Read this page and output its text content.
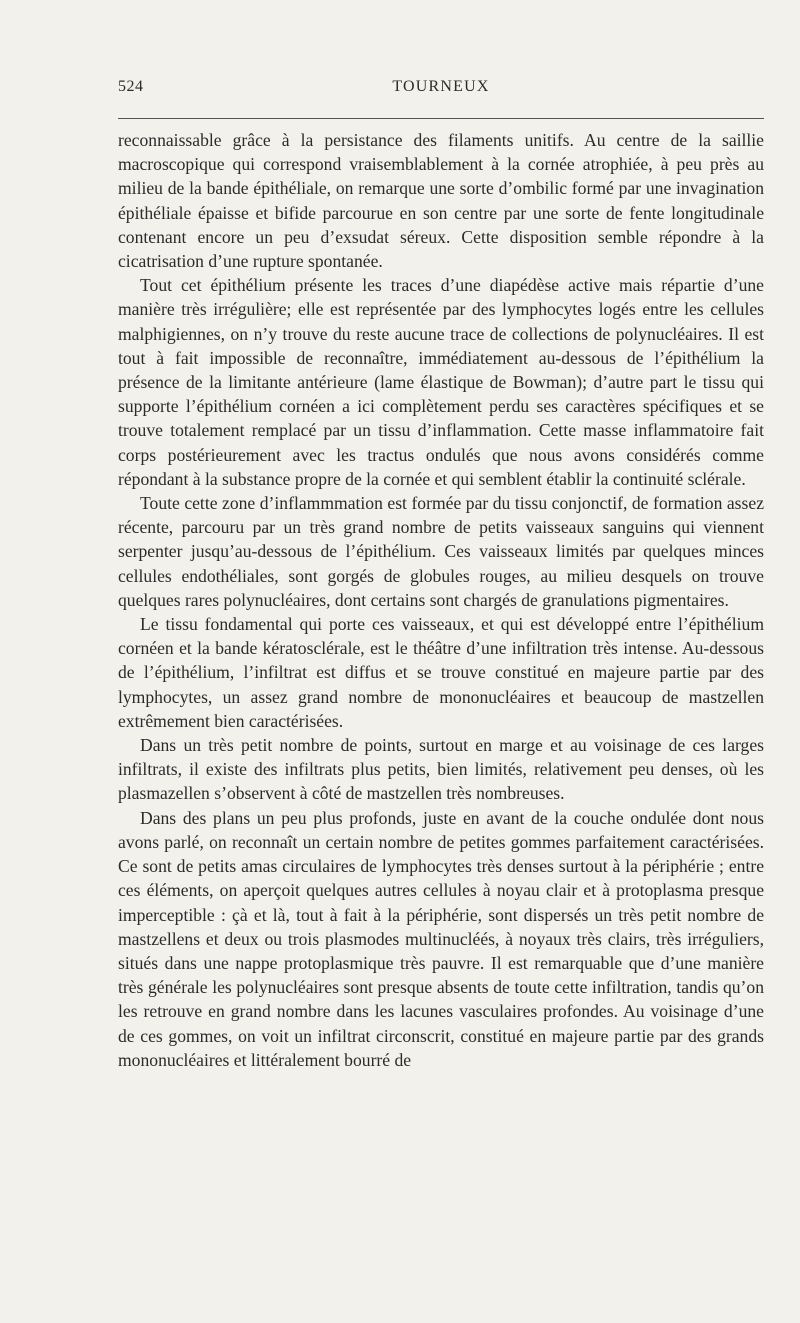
524	TOURNEUX

reconnaissable grâce à la persistance des filaments unitifs. Au centre de la saillie macroscopique qui correspond vraisemblablement à la cornée atrophiée, à peu près au milieu de la bande épithéliale, on remarque une sorte d’ombilic formé par une invagination épithéliale épaisse et bifide parcourue en son centre par une sorte de fente longitudinale contenant encore un peu d’exsudat séreux. Cette disposition semble répondre à la cicatrisation d’une rupture spontanée.

Tout cet épithélium présente les traces d’une diapédèse active mais répartie d’une manière très irrégulière; elle est représentée par des lymphocytes logés entre les cellules malphigiennes, on n’y trouve du reste aucune trace de collections de polynucléaires. Il est tout à fait impossible de reconnaître, immédiatement au-dessous de l’épithélium la présence de la limitante antérieure (lame élastique de Bowman); d’autre part le tissu qui supporte l’épithélium cornéen a ici complètement perdu ses caractères spécifiques et se trouve totalement remplacé par un tissu d’inflammation. Cette masse inflammatoire fait corps postérieurement avec les tractus ondulés que nous avons considérés comme répondant à la substance propre de la cornée et qui semblent établir la continuité sclérale.

Toute cette zone d’inflammmation est formée par du tissu conjonctif, de formation assez récente, parcouru par un très grand nombre de petits vaisseaux sanguins qui viennent serpenter jusqu’au-dessous de l’épithélium. Ces vaisseaux limités par quelques minces cellules endothéliales, sont gorgés de globules rouges, au milieu desquels on trouve quelques rares polynucléaires, dont certains sont chargés de granulations pigmentaires.

Le tissu fondamental qui porte ces vaisseaux, et qui est développé entre l’épithélium cornéen et la bande kératosclérale, est le théâtre d’une infiltration très intense. Au-dessous de l’épithélium, l’infiltrat est diffus et se trouve constitué en majeure partie par des lymphocytes, un assez grand nombre de mononucléaires et beaucoup de mastzellen extrêmement bien caractérisées.

Dans un très petit nombre de points, surtout en marge et au voisinage de ces larges infiltrats, il existe des infiltrats plus petits, bien limités, relativement peu denses, où les plasmazellen s’observent à côté de mastzellen très nombreuses.

Dans des plans un peu plus profonds, juste en avant de la couche ondulée dont nous avons parlé, on reconnaît un certain nombre de petites gommes parfaitement caractérisées. Ce sont de petits amas circulaires de lymphocytes très denses surtout à la périphérie ; entre ces éléments, on aperçoit quelques autres cellules à noyau clair et à protoplasma presque imperceptible : çà et là, tout à fait à la périphérie, sont dispersés un très petit nombre de mastzellens et deux ou trois plasmodes multinucléés, à noyaux très clairs, très irréguliers, situés dans une nappe protoplasmique très pauvre. Il est remarquable que d’une manière très générale les polynucléaires sont presque absents de toute cette infiltration, tandis qu’on les retrouve en grand nombre dans les lacunes vasculaires profondes. Au voisinage d’une de ces gommes, on voit un infiltrat circonscrit, constitué en majeure partie par des grands mononucléaires et littéralement bourré de
